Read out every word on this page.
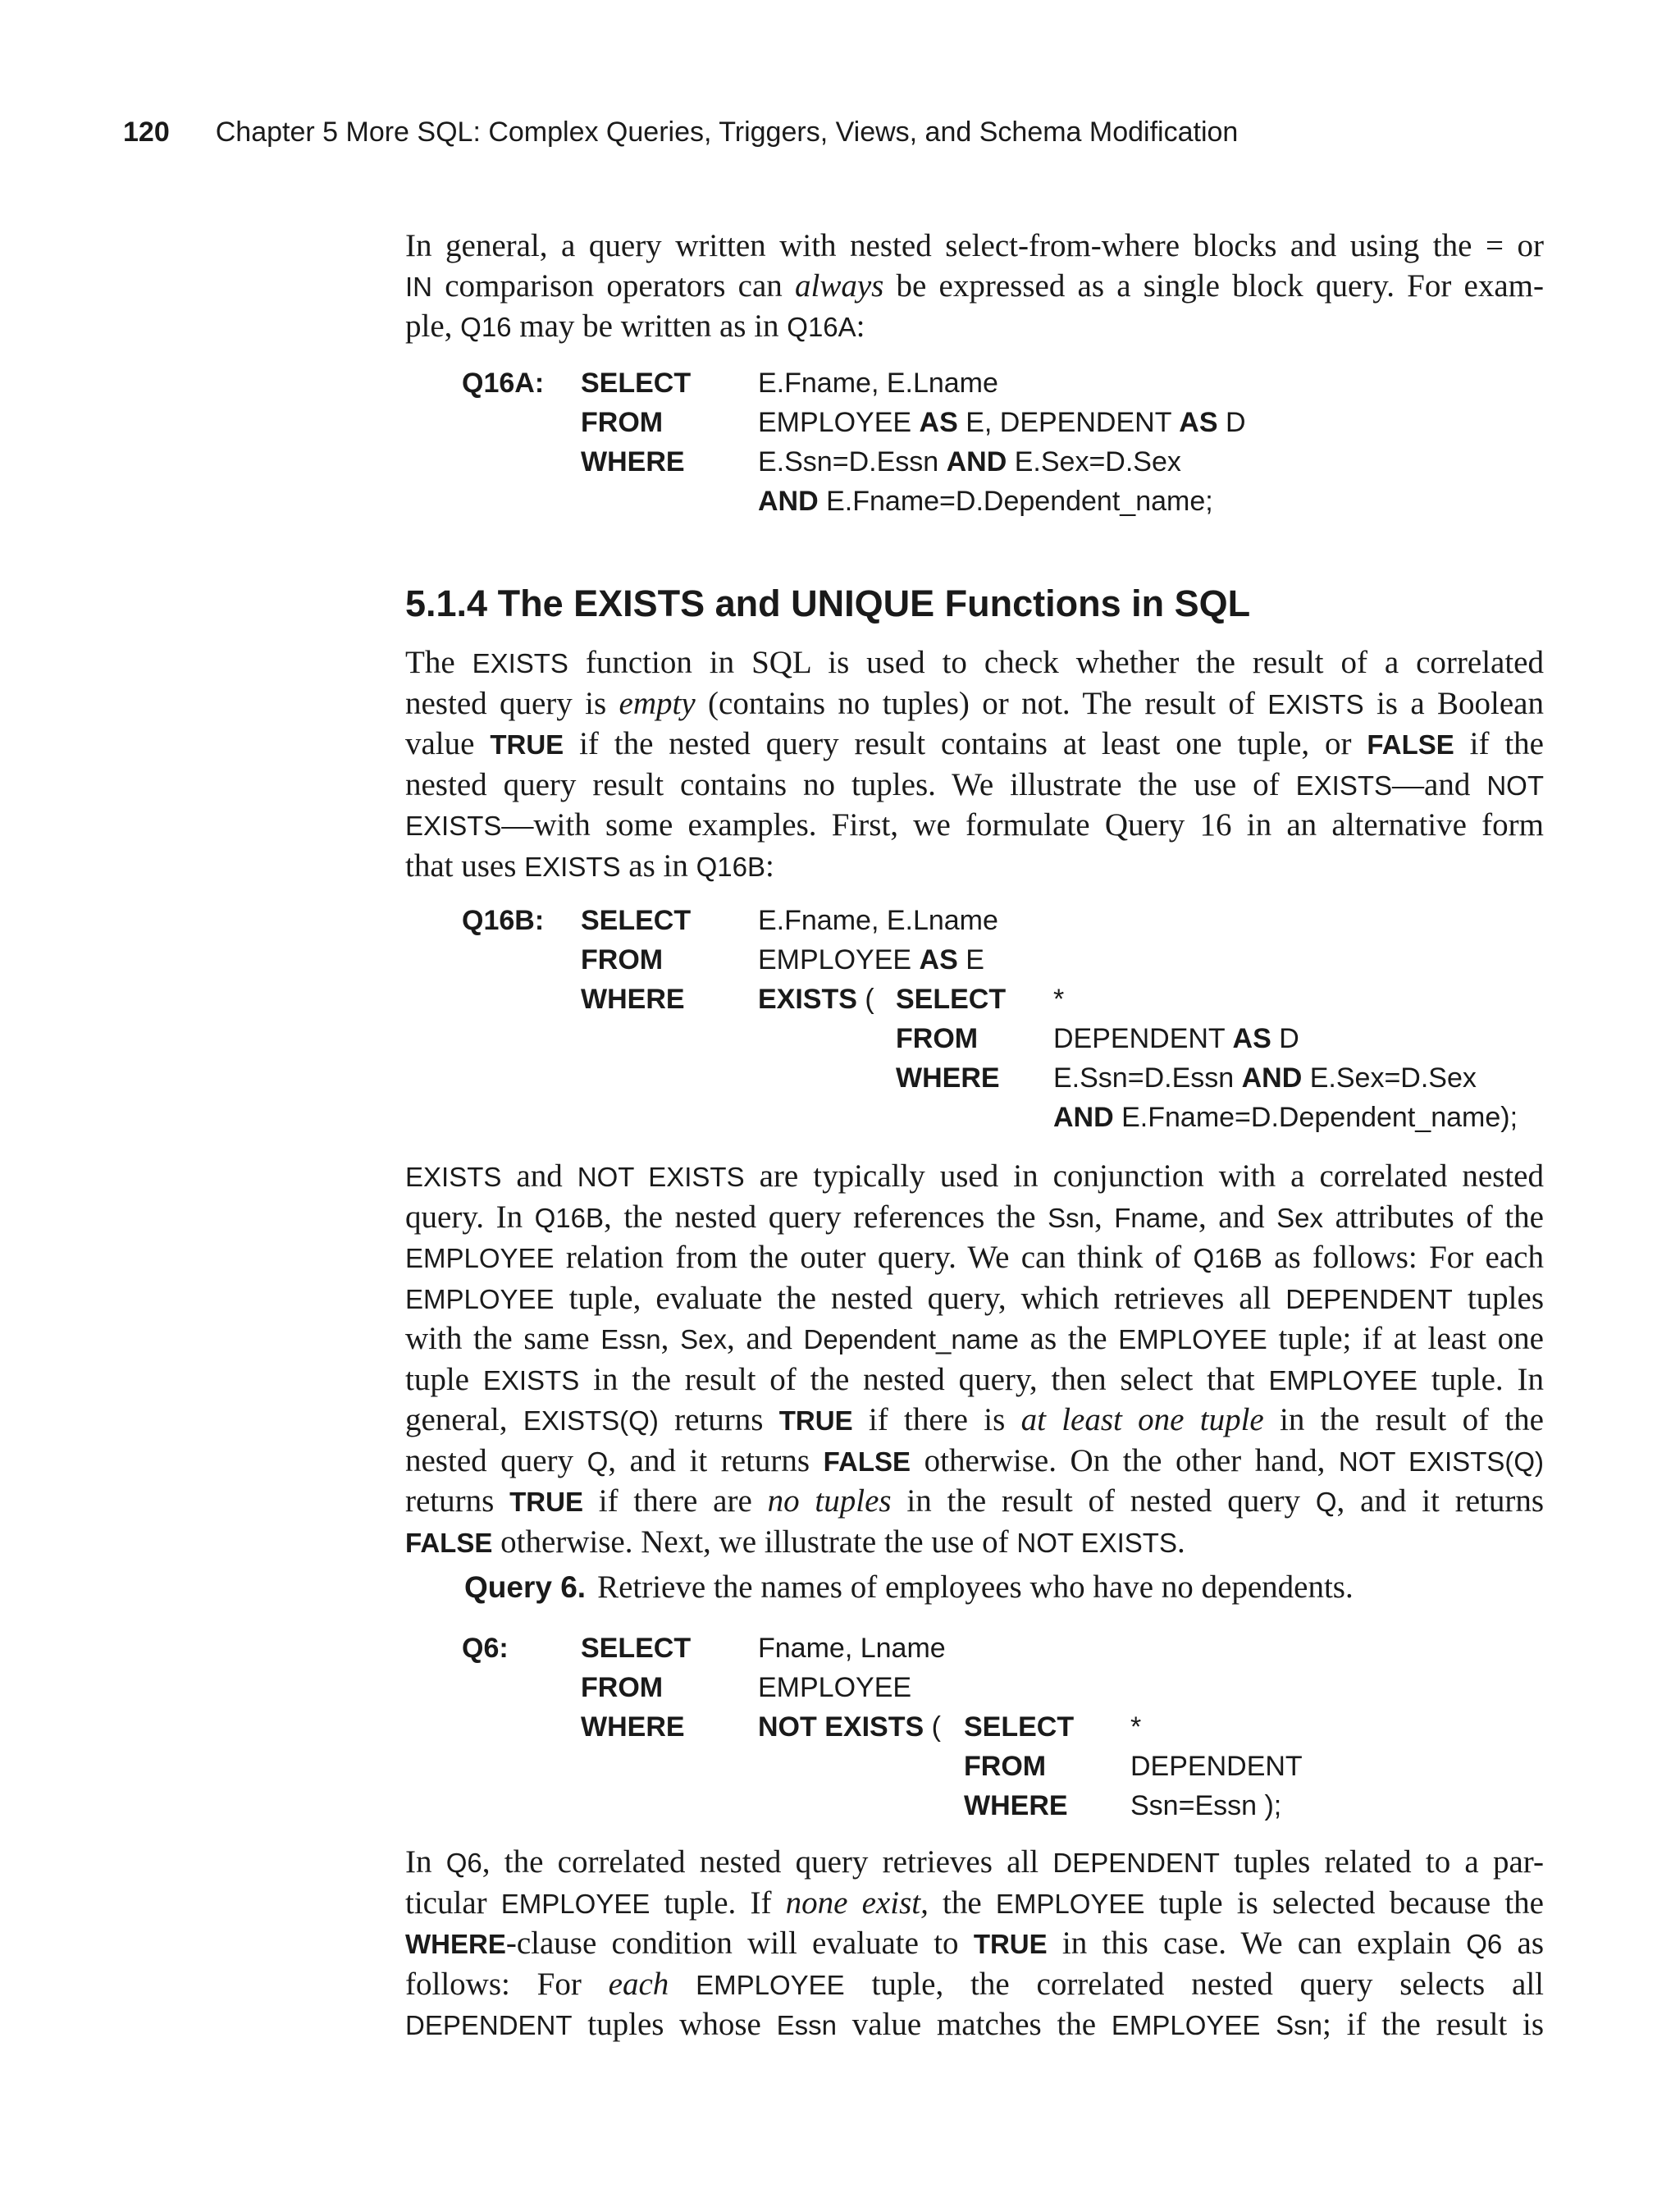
120 Chapter 5 More SQL: Complex Queries, Triggers, Views, and Schema Modification

In general, a query written with nested select-from-where blocks and using the = or
IN comparison operators can always be expressed as a single block query. For exam-
ple, Q16 may be written as in Q16A:

Q16A: SELECT E.Fname, E.Lname
FROM	EMPLOYEE AS E, DEPENDENT AS D
WHERE	E.Ssn=D.Essn AND E.Sex=D.Sex
AND E.Fname=D.Dependent_name;
5.1.4 The EXISTS and UNIQUE Functions in SQL

The EXISTS function in SQL is used to check whether the result of a correlated
nested query is empty (contains no tuples) or not. The result of EXISTS is a Boolean
value TRUE if the nested query result contains at least one tuple, or FALSE if the
nested query result contains no tuples. We illustrate the use of EXISTS—and NOT
EXISTS—with some examples. First, we formulate Query 16 in an alternative form
that uses EXISTS as in Q16B:

Q16B: SELECT E.Fname, E.Lname
FROM	EMPLOYEE AS E
WHERE	EXISTS ( SELECT *
FROM	DEPENDENT AS D
WHERE E.Ssn=D.Essn AND E.Sex=D.Sex
AND E.Fname=D.Dependent_name);

EXISTS and NOT EXISTS are typically used in conjunction with a correlated nested
query. In Q16B, the nested query references the Ssn, Fname, and Sex attributes of the
EMPLOYEE relation from the outer query. We can think of Q16B as follows: For each
EMPLOYEE tuple, evaluate the nested query, which retrieves all DEPENDENT tuples
with the same Essn, Sex, and Dependent_name as the EMPLOYEE tuple; if at least one
tuple EXISTS in the result of the nested query, then select that EMPLOYEE tuple. In
general, EXISTS(Q) returns TRUE if there is at least one tuple in the result of the
nested query Q, and it returns FALSE otherwise. On the other hand, NOT EXISTS(Q)
returns TRUE if there are no tuples in the result of nested query Q, and it returns
FALSE otherwise. Next, we illustrate the use of NOT EXISTS.

Query 6. Retrieve the names of employees who have no dependents.
Q6:	SELECT Fname, Lname
FROM	EMPLOYEE
WHERE	NOT EXISTS ( SELECT *
FROM	DEPENDENT
WHERE Ssn=Essn );

In Q6, the correlated nested query retrieves all DEPENDENT tuples related to a par-
ticular EMPLOYEE tuple. If none exist, the EMPLOYEE tuple is selected because the
WHERE-clause condition will evaluate to TRUE in this case. We can explain Q6 as
follows: For each EMPLOYEE tuple, the correlated nested query selects all
DEPENDENT tuples whose Essn value matches the EMPLOYEE Ssn; if the result is
